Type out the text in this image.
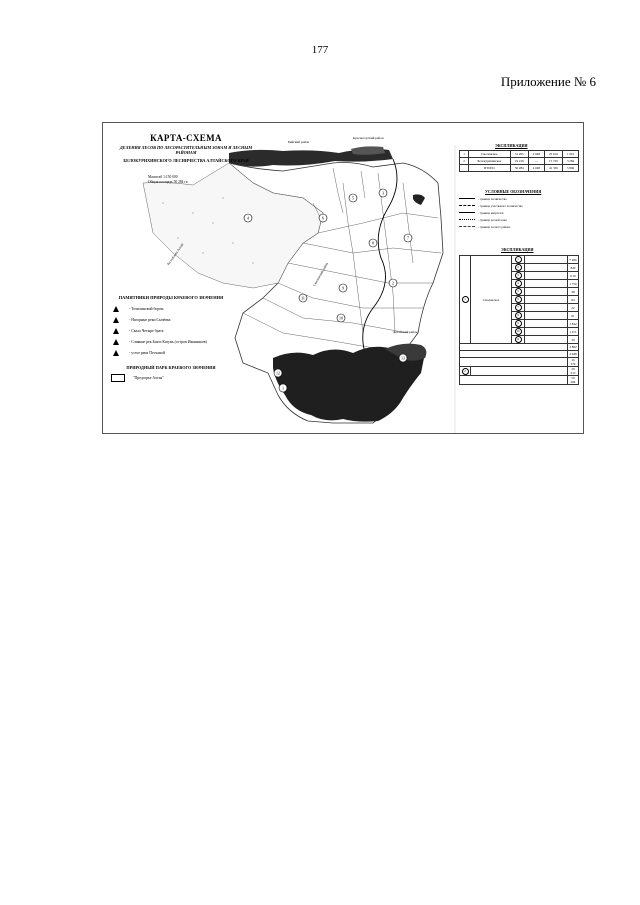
177
Приложение № 6
4	6
5
3
7
8
9
11
10
2
1
12
13
КАРТА-СХЕМА
ДЕЛЕНИЯ ЛЕСОВ ПО ЛЕСОРАСТИТЕЛЬНЫМ ЗОНАМ И ЛЕСНЫМ РАЙОНАМ
БЕЛОКУРИХИНСКОГО ЛЕСНИЧЕСТВА АЛТАЙСКОГО КРАЯ
Масштаб 1:150 000
Общая площадь 50 284 га
Бийский район
Красногорский район
Смоленский район
Алтайский район
Республика Алтай
ПАМЯТНИКИ ПРИРОДЫ КРАЕВОГО ЗНАЧЕНИЯ
- Точилинский бором
- Нагорные реки Сычёвка
- Скала Четыре брата
- Слияние рек Бия и Катунь (остров Иконников)
- устье реки Песчаной
ПРИРОДНЫЙ ПАРК КРАЕВОГО ЗНАЧЕНИЯ
"Предгорье Алтая"
ЭКСПЛИКАЦИЯ
1	Смоленское	31 265	4 048	25 616	1 601
2	Белокурихинское	19 219	—	15 720	3 284
	ИТОГО	50 284	4 048	41 336	5 866
УСЛОВНЫЕ ОБОЗНАЧЕНИЯ
- граница лесничества
- граница участкового лесничества
- граница кварталов
- граница лесной зоны
- граница лесного района
ЭКСПЛИКАЦИЯ
1	Смоленское	1		7 486
		2		840
		3		6 50
		4		1 750
		5		48
		6		84
		7		22
		8		61
		9		1 842
		10		1 471
		11		30
				3 882
				4 048
				16 279
2				29 013
				50 284
